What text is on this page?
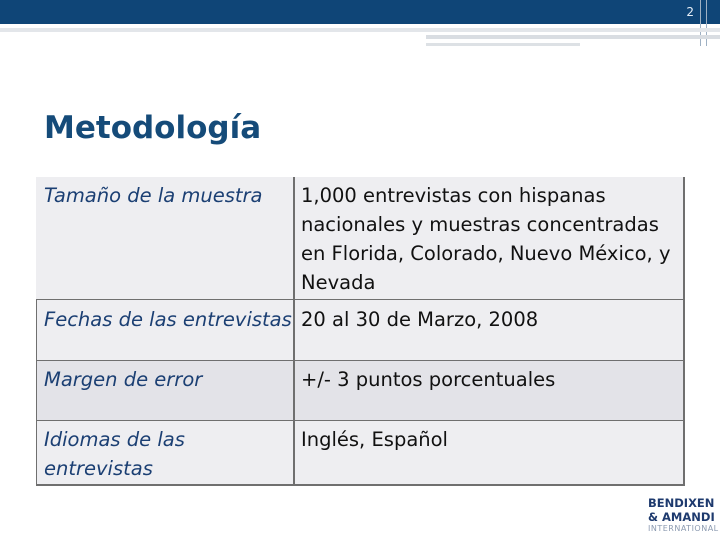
2
Metodología
Tamaño de la muestra 1,000 entrevistas con hispanas
nacionales y muestras concentradas
en Florida, Colorado, Nuevo México, y
Nevada
Fechas de las entrevistas 20 al 30 de Marzo, 2008
Margen de error	+/- 3 puntos porcentuales
Idiomas de las
entrevistas
Inglés, Español
BENDIXEN
& AMANDI
INTERNATIONAL
